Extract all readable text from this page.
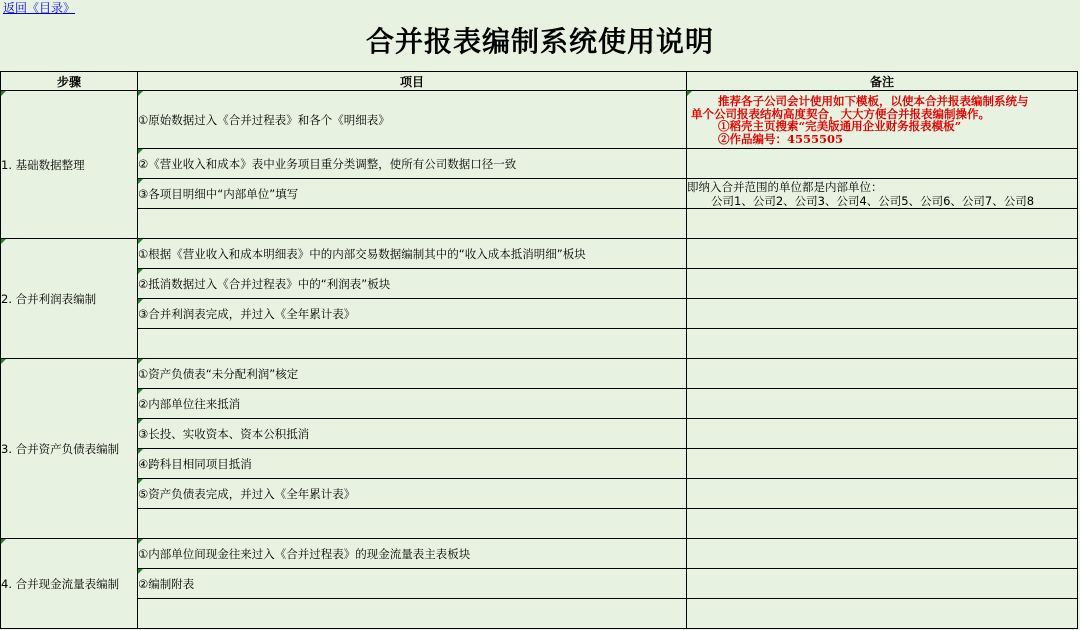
返回《目录》
合并报表编制系统使用说明
步骤	项目	备注

1. 基础数据整理	①原始数据过入《合并过程表》和各个《明细表》	推荐各子公司会计使用如下模板，以使本合并报表编制系统与
单个公司报表结构高度契合，大大方便合并报表编制操作。
①稻壳主页搜索“完美版通用企业财务报表模板”
②作品编号：4555505

②《营业收入和成本》表中业务项目重分类调整，使所有公司数据口径一致	

③各项目明细中“内部单位”填写	即纳入合并范围的单位都是内部单位：
公司1、公司2、公司3、公司4、公司5、公司6、公司7、公司8

2. 合并利润表编制	①根据《营业收入和成本明细表》中的内部交易数据编制其中的“收入成本抵消明细”板块	

②抵消数据过入《合并过程表》中的“利润表”板块	

③合并利润表完成，并过入《全年累计表》	

3. 合并资产负债表编制	①资产负债表“未分配利润”核定	

②内部单位往来抵消	

③长投、实收资本、资本公积抵消	

④跨科目相同项目抵消	

⑤资产负债表完成，并过入《全年累计表》	

4. 合并现金流量表编制	①内部单位间现金往来过入《合并过程表》的现金流量表主表板块	

②编制附表	
